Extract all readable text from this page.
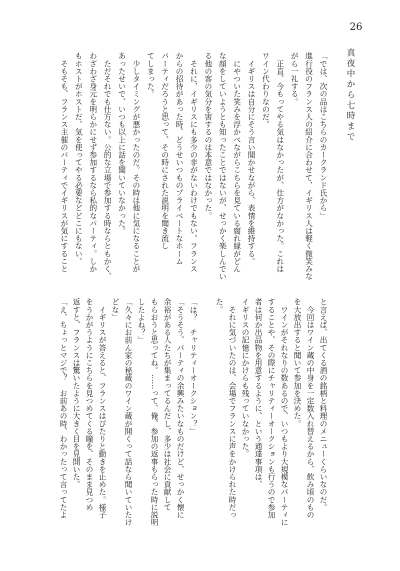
26
真夜中から七時まで
「では、次の品はこちらのカークランド氏から」
進行役のフランス人の紹介に合わせて、イギリス人は軽く微笑みな
がら一礼する。
　正直、今もってやる気はなかったが、仕方がなかった。これは
ワイン代わりなのだ。
　イギリスは自分にそう言い聞かせながら、表情を維持する。
　にやついた笑みを浮かべながらこちらを見ている腐れ縁がどん
な顔をしていようとも知ったことではないが、せっかく楽しんでい
る他の客の気分を害するのは本意ではなかった。
　それに、イギリスにも多少の非がないわけでもない。フランス
からの招待があった時、どうせいつものプライベートなホーム
パーティだろうと思って、その時にされた説明を聞き流し
てしまった。
　少しタイミングが悪かったのだ。その時は他に気になることが
あったせいで、いつも以上に話を聞いていなかった。
　ただそれでも仕方ない。公的な立場で参加する時ならともかく、
わざわざ身元を明らかにせず参加するなら私的なパーティ。しか
もホストがホストだ。気を使ってやる必要などどこにもない。
　そもそも、フランス主催のパーティでイギリスが気にすること
と言えば、出てくる酒の銘柄と料理のメニューくらいなのだ。
　今回はワイン蔵の中身を一定数入れ替えるから、飲み頃のもの
を大放出すると聞いて参加を決めた。
　ワインがそれなりの数あるので、いつもより大規模なパーティに
することや、その際にチャリティーオークションも行うので参加
者は何か出品物を用意するように、という通達事項は、
イギリスの記憶にかけらも残っていなかった。
　それに気づいたのは、会場でフランスに声をかけられた時だっ
た。
「は？　チャリティーオークション？」
「そうそう、パーティの余興みたいなものだけど、せっかく懐に
余裕がある人たちが集まってるんだし、多少は社会に貢献して
もらおうと思ってね。……って、俺、参加の返事もらった時に説明
したよね？」
「久々にお前ん家の秘蔵のワイン蔵が開くって話なら聞いていたけ
どな」
　イギリスが答えると、フランスはぴたりと動きを止めた。様子
をうかがうようにこちらを見つめてくる瞳を、そのまま見つめ
返すと、フランスは驚いたように大きく目を見開いた。
「え、ちょっとマジで？　お前あの時、わかったって言ってたよ
